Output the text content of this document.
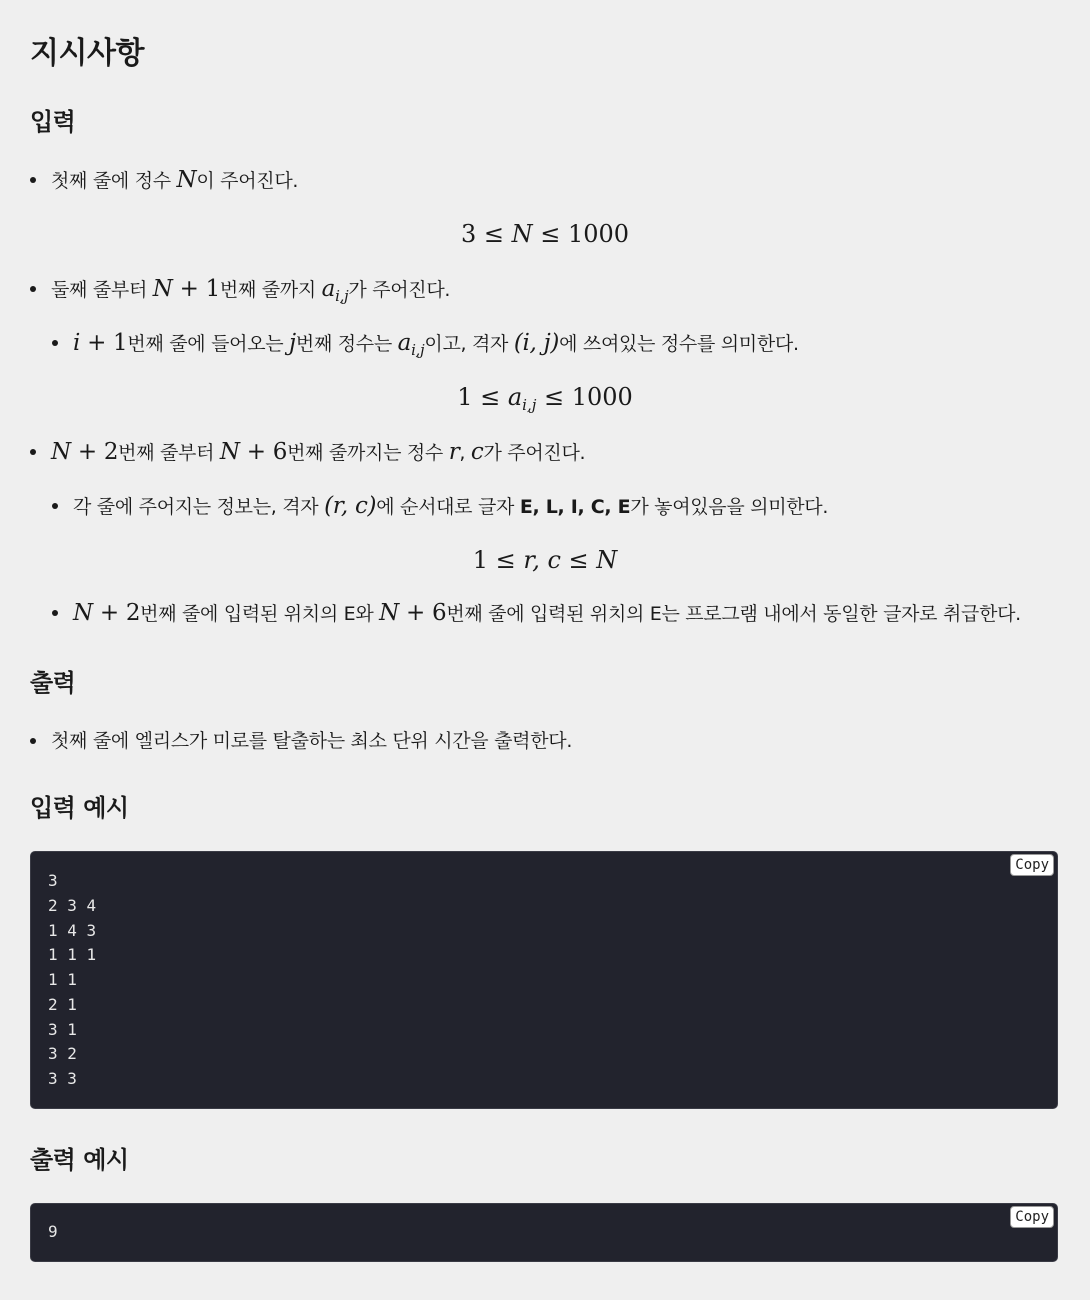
지시사항
입력
첫째 줄에 정수 N이 주어진다.
3 ≤ N ≤ 1000
둘째 줄부터 N + 1번째 줄까지 $a_{i,j}$가 주어진다.
i + 1번째 줄에 들어오는 j번째 정수는 $a_{i,j}$이고, 격자 (i, j)에 쓰여있는 정수를 의미한다.
$1 \le a_{i,j} \le 1000$
N + 2번째 줄부터 N + 6번째 줄까지는 정수 r, c가 주어진다.
각 줄에 주어지는 정보는, 격자 (r, c)에 순서대로 글자 E, L, I, C, E가 놓여있음을 의미한다.
1 ≤ r, c ≤ N
N + 2번째 줄에 입력된 위치의 E와 N + 6번째 줄에 입력된 위치의 E는 프로그램 내에서 동일한 글자로 취급한다.
출력
첫째 줄에 엘리스가 미로를 탈출하는 최소 단위 시간을 출력한다.
입력 예시
3
2 3 4
1 4 3
1 1 1
1 1
2 1
3 1
3 2
3 3
Copy
출력 예시
9
Copy
